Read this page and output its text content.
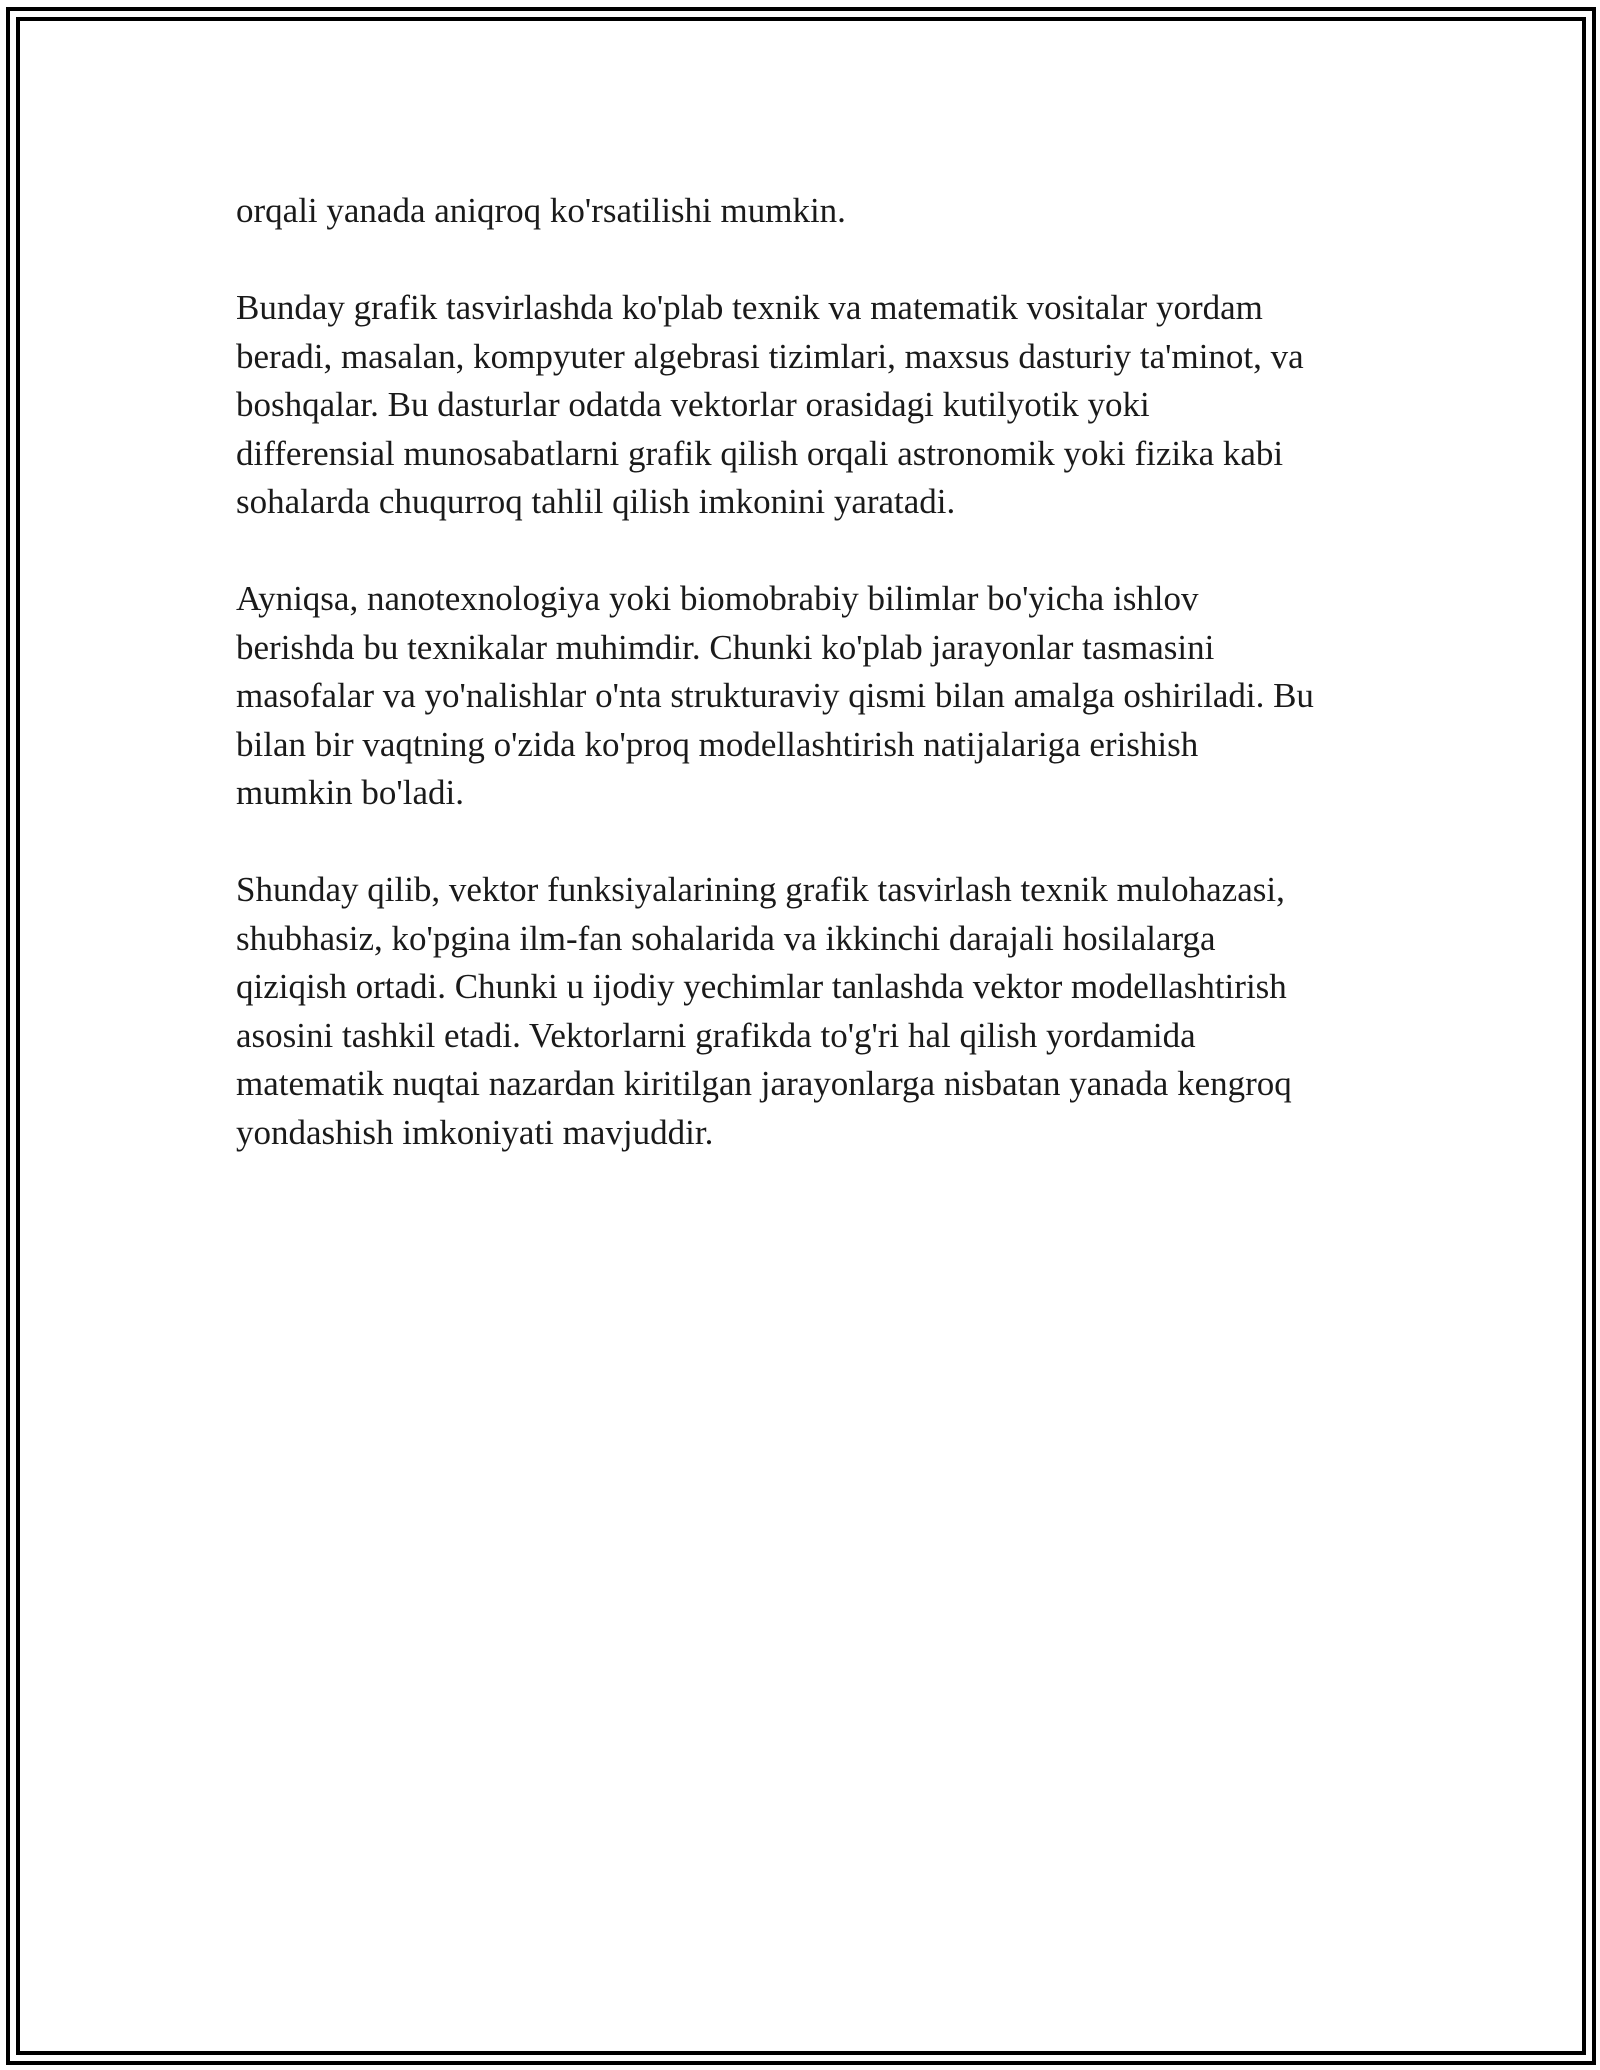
orqali yanada aniqroq ko'rsatilishi mumkin.

Bunday grafik tasvirlashda ko'plab texnik va matematik vositalar yordam
beradi, masalan, kompyuter algebrasi tizimlari, maxsus dasturiy ta'minot, va
boshqalar. Bu dasturlar odatda vektorlar orasidagi kutilyotik yoki
differensial munosabatlarni grafik qilish orqali astronomik yoki fizika kabi
sohalarda chuqurroq tahlil qilish imkonini yaratadi.

Ayniqsa, nanotexnologiya yoki biomobrabiy bilimlar bo'yicha ishlov
berishda bu texnikalar muhimdir. Chunki ko'plab jarayonlar tasmasini
masofalar va yo'nalishlar o'nta strukturaviy qismi bilan amalga oshiriladi. Bu
bilan bir vaqtning o'zida ko'proq modellashtirish natijalariga erishish
mumkin bo'ladi.

Shunday qilib, vektor funksiyalarining grafik tasvirlash texnik mulohazasi,
shubhasiz, ko'pgina ilm-fan sohalarida va ikkinchi darajali hosilalarga
qiziqish ortadi. Chunki u ijodiy yechimlar tanlashda vektor modellashtirish
asosini tashkil etadi. Vektorlarni grafikda to'g'ri hal qilish yordamida
matematik nuqtai nazardan kiritilgan jarayonlarga nisbatan yanada kengroq
yondashish imkoniyati mavjuddir.
